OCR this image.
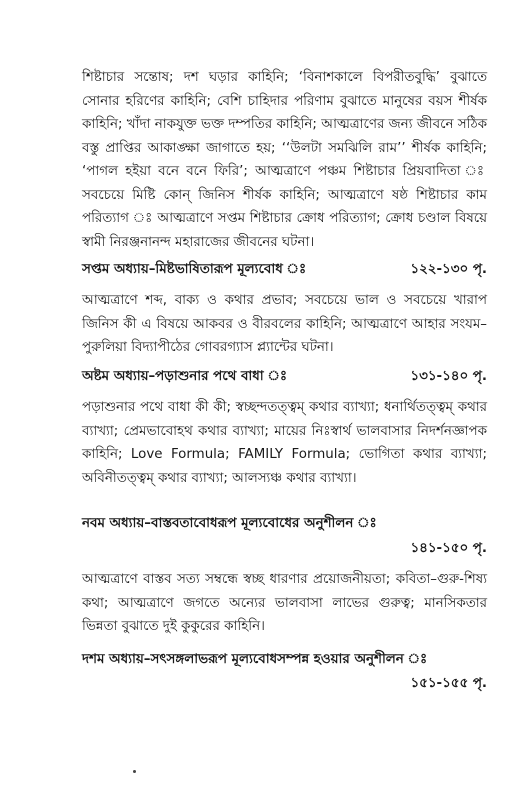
শিষ্টাচার সন্তোষ; দশ ঘড়ার কাহিনি; ‘বিনাশকালে বিপরীতবুদ্ধি’ বুঝাতে সোনার হরিণের কাহিনি; বেশি চাহিদার পরিণাম বুঝাতে মানুষের বয়স শীর্ষক কাহিনি; খাঁদা নাকযুক্ত ভক্ত দম্পতির কাহিনি; আত্মত্রাণের জন্য জীবনে সঠিক বস্তু প্রাপ্তির আকাঙ্ক্ষা জাগাতে হয়; ‘‘উলটা সমঝিলি রাম’’ শীর্ষক কাহিনি; ‘পাগল হইয়া বনে বনে ফিরি’; আত্মত্রাণে পঞ্চম শিষ্টাচার প্রিয়বাদিতা ঃ সবচেয়ে মিষ্টি কোন্ জিনিস শীর্ষক কাহিনি; আত্মত্রাণে ষষ্ঠ শিষ্টাচার কাম পরিত্যাগ ঃ আত্মত্রাণে সপ্তম শিষ্টাচার ক্রোধ পরিত্যাগ; ক্রোধ চণ্ডাল বিষয়ে স্বামী নিরঞ্জনানন্দ মহারাজের জীবনের ঘটনা।

সপ্তম অধ্যায়–মিষ্টভাষিতারূপ মূল্যবোধ ঃ	১২২-১৩০ পৃ.

আত্মত্রাণে শব্দ, বাক্য ও কথার প্রভাব; সবচেয়ে ভাল ও সবচেয়ে খারাপ জিনিস কী এ বিষয়ে আকবর ও বীরবলের কাহিনি; আত্মত্রাণে আহার সংযম– পুরুলিয়া বিদ্যাপীঠের গোবরগ্যাস প্ল্যান্টের ঘটনা।

অষ্টম অধ্যায়–পড়াশুনার পথে বাধা ঃ	১৩১-১৪০ পৃ.

পড়াশুনার পথে বাধা কী কী; স্বচ্ছন্দতত্ত্বম্ কথার ব্যাখ্যা; ধনার্থিতত্ত্বম্ কথার ব্যাখ্যা; প্রেমভাবোহথ কথার ব্যাখ্যা; মায়ের নিঃস্বার্থ ভালবাসার নিদর্শনজ্ঞাপক কাহিনি; Love Formula; FAMILY Formula; ভোগিতা কথার ব্যাখ্যা; অবিনীতত্ত্বম্ কথার ব্যাখ্যা; আলস্যঞ্চ কথার ব্যাখ্যা।

নবম অধ্যায়–বাস্তবতাবোধরূপ মূল্যবোধের অনুশীলন ঃ
১৪১-১৫০ পৃ.

আত্মত্রাণে বাস্তব সত্য সম্বন্ধে স্বচ্ছ ধারণার প্রয়োজনীয়তা; কবিতা–গুরু-শিষ্য কথা; আত্মত্রাণে জগতে অন্যের ভালবাসা লাভের গুরুত্ব; মানসিকতার ভিন্নতা বুঝাতে দুই কুকুরের কাহিনি।

দশম অধ্যায়–সৎসঙ্গলাভরূপ মূল্যবোধসম্পন্ন হওয়ার অনুশীলন ঃ
১৫১-১৫৫ পৃ.
